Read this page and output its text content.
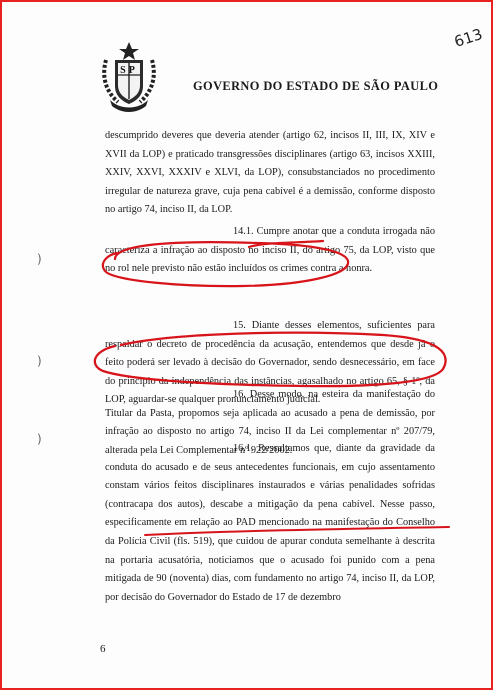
SP
GOVERNO DO ESTADO DE SÃO PAULO
613

descumprido deveres que deveria atender (artigo 62, incisos II, III, IX, XIV e XVII da LOP) e praticado transgressões disciplinares (artigo 63, incisos XXIII, XXIV, XXVI, XXXIV e XLVI, da LOP), consubstanciados no procedimento irregular de natureza grave, cuja pena cabível é a demissão, conforme disposto no artigo 74, inciso II, da LOP.

14.1. Cumpre anotar que a conduta irrogada não caracteriza a infração ao disposto no inciso II, do artigo 75, da LOP, visto que no rol nele previsto não estão incluídos os crimes contra a honra.

15. Diante desses elementos, suficientes para respaldar o decreto de procedência da acusação, entendemos que desde já o feito poderá ser levado à decisão do Governador, sendo desnecessário, em face do princípio da independência das instâncias, agasalhado no artigo 65, § 1º, da LOP, aguardar-se qualquer pronunciamento judicial.

16. Desse modo, na esteira da manifestação do Titular da Pasta, propomos seja aplicada ao acusado a pena de demissão, por infração ao disposto no artigo 74, inciso II da Lei complementar nº 207/79, alterada pela Lei Complementar nº 922/2002.

16.1. Ressaltamos que, diante da gravidade da conduta do acusado e de seus antecedentes funcionais, em cujo assentamento constam vários feitos disciplinares instaurados e várias penalidades sofridas (contracapa dos autos), descabe a mitigação da pena cabível. Nesse passo, especificamente em relação ao PAD mencionado na manifestação do Conselho da Polícia Civil (fls. 519), que cuidou de apurar conduta semelhante à descrita na portaria acusatória, noticiamos que o acusado foi punido com a pena mitigada de 90 (noventa) dias, com fundamento no artigo 74, inciso II, da LOP, por decisão do Governador do Estado de 17 de dezembro

)
)
)
6
